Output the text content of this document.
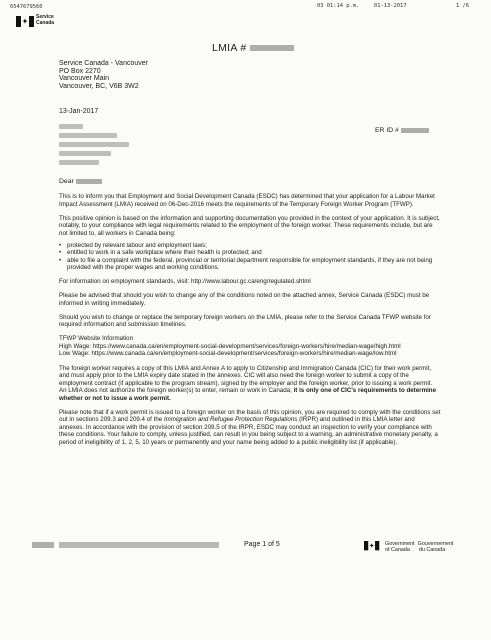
6547679560	03 01:14 p.m.	01-13-2017	1 /6
✦ Service
Canada
LMIA #
Service Canada - Vancouver
PO Box 2270
Vancouver Main
Vancouver, BC, V6B 3W2
13-Jan-2017
ER ID #
Dear

This is to inform you that Employment and Social Development Canada (ESDC) has determined that your application for a Labour Market Impact Assessment (LMIA) received on 06-Dec-2016 meets the requirements of the Temporary Foreign Worker Program (TFWP).

This positive opinion is based on the information and supporting documentation you provided in the context of your application. It is subject, notably, to your compliance with legal requirements related to the employment of the foreign worker. These requirements include, but are not limited to, all workers in Canada being:

• protected by relevant labour and employment laws;
• entitled to work in a safe workplace where their health is protected; and
• able to file a complaint with the federal, provincial or territorial department responsible for employment standards, if they are not being provided with the proper wages and working conditions.

For information on employment standards, visit: http://www.labour.gc.ca/eng/regulated.shtml

Please be advised that should you wish to change any of the conditions noted on the attached annex, Service Canada (ESDC) must be informed in writing immediately.

Should you wish to change or replace the temporary foreign workers on the LMIA, please refer to the Service Canada TFWP website for required information and submission timelines.

TFWP Website Information
High Wage: https://www.canada.ca/en/employment-social-development/services/foreign-workers/hire/median-wage/high.html
Low Wage: https://www.canada.ca/en/employment-social-development/services/foreign-workers/hire/median-wage/low.html

The foreign worker requires a copy of this LMIA and Annex A to apply to Citizenship and Immigration Canada (CIC) for their work permit, and must apply prior to the LMIA expiry date stated in the annexes. CIC will also need the foreign worker to submit a copy of the employment contract (if applicable to the program stream), signed by the employer and the foreign worker, prior to issuing a work permit. An LMIA does not authorize the foreign worker(s) to enter, remain or work in Canada; it is only one of CIC's requirements to determine whether or not to issue a work permit.

Please note that if a work permit is issued to a foreign worker on the basis of this opinion, you are required to comply with the conditions set out in sections 209.3 and 209.4 of the Immigration and Refugee Protection Regulations (IRPR) and outlined in this LMIA letter and annexes. In accordance with the provision of section 209.5 of the IRPR, ESDC may conduct an inspection to verify your compliance with these conditions. Your failure to comply, unless justified, can result in you being subject to a warning, an administrative monetary penalty, a period of ineligibility of 1, 2, 5, 10 years or permanently and your name being added to a public ineligibility list (if applicable).

Page 1 of 5	✦ Government Gouvernement
of Canada du Canada
